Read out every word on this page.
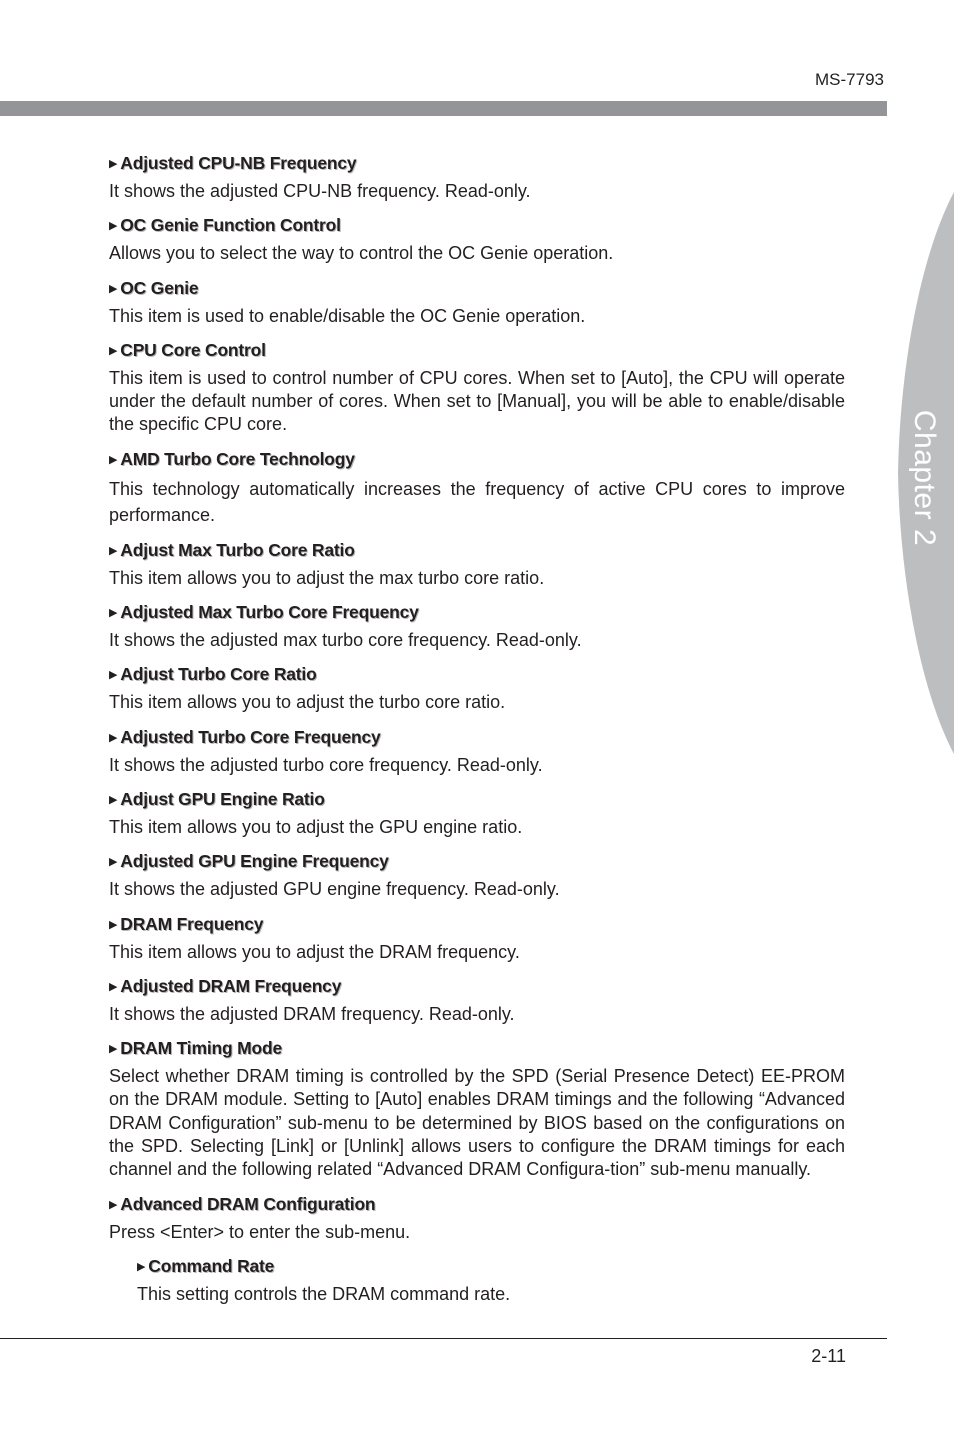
MS-7793
Chapter 2
▶ Adjusted CPU-NB Frequency
It shows the adjusted CPU-NB frequency. Read-only.
▶ OC Genie Function Control
Allows you to select the way to control the OC Genie operation.
▶ OC Genie
This item is used to enable/disable the OC Genie operation.
▶ CPU Core Control
This item is used to control number of CPU cores. When set to [Auto], the CPU will operate under the default number of cores. When set to [Manual], you will be able to enable/disable the specific CPU core.
▶ AMD Turbo Core Technology
This technology automatically increases the frequency of active CPU cores to improve performance.
▶ Adjust Max Turbo Core Ratio
This item allows you to adjust the max turbo core ratio.
▶ Adjusted Max Turbo Core Frequency
It shows the adjusted max turbo core frequency. Read-only.
▶ Adjust Turbo Core Ratio
This item allows you to adjust the turbo core ratio.
▶ Adjusted Turbo Core Frequency
It shows the adjusted turbo core frequency. Read-only.
▶ Adjust GPU Engine Ratio
This item allows you to adjust the GPU engine ratio.
▶ Adjusted GPU Engine Frequency
It shows the adjusted GPU engine frequency. Read-only.
▶ DRAM Frequency
This item allows you to adjust the DRAM frequency.
▶ Adjusted DRAM Frequency
It shows the adjusted DRAM frequency. Read-only.
▶ DRAM Timing Mode
Select whether DRAM timing is controlled by the SPD (Serial Presence Detect) EE-PROM on the DRAM module. Setting to [Auto] enables DRAM timings and the following “Advanced DRAM Configuration” sub-menu to be determined by BIOS based on the configurations on the SPD. Selecting [Link] or [Unlink] allows users to configure the DRAM timings for each channel and the following related “Advanced DRAM Configura-tion” sub-menu manually.
▶ Advanced DRAM Configuration
Press <Enter> to enter the sub-menu.
▶ Command Rate
This setting controls the DRAM command rate.
2-11
